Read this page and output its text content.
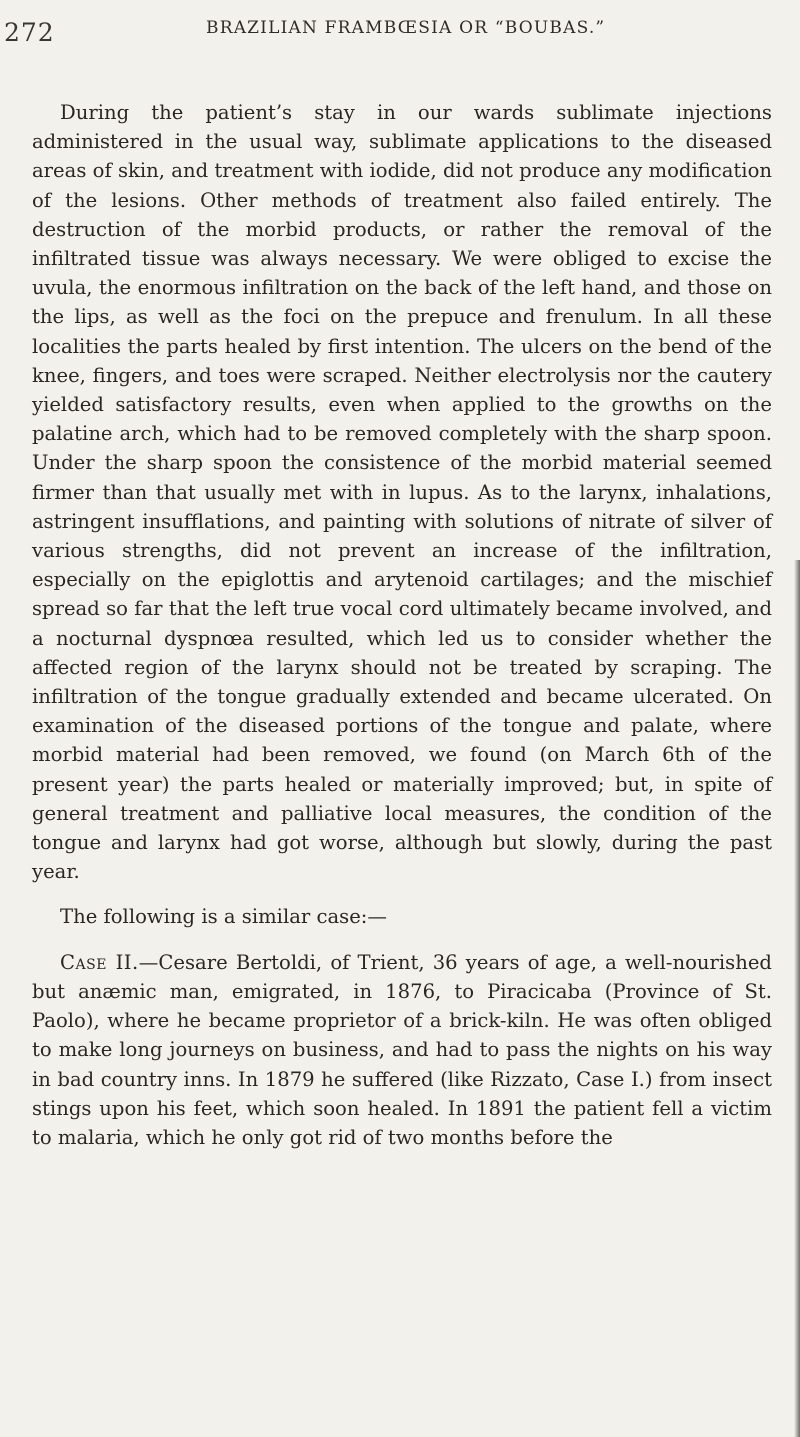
272	BRAZILIAN FRAMBŒSIA OR “BOUBAS.”

During the patient’s stay in our wards sublimate injections administered in the usual way, sublimate applications to the diseased areas of skin, and treatment with iodide, did not produce any modification of the lesions. Other methods of treatment also failed entirely. The destruction of the morbid products, or rather the removal of the infiltrated tissue was always necessary. We were obliged to excise the uvula, the enormous infiltration on the back of the left hand, and those on the lips, as well as the foci on the prepuce and frenulum. In all these localities the parts healed by first intention. The ulcers on the bend of the knee, fingers, and toes were scraped. Neither electrolysis nor the cautery yielded satisfactory results, even when applied to the growths on the palatine arch, which had to be removed completely with the sharp spoon. Under the sharp spoon the consistence of the morbid material seemed firmer than that usually met with in lupus. As to the larynx, inhalations, astringent insufflations, and painting with solutions of nitrate of silver of various strengths, did not prevent an increase of the infiltration, especially on the epiglottis and arytenoid cartilages; and the mischief spread so far that the left true vocal cord ultimately became involved, and a nocturnal dyspnœa resulted, which led us to consider whether the affected region of the larynx should not be treated by scraping. The infiltration of the tongue gradually extended and became ulcerated. On examination of the diseased portions of the tongue and palate, where morbid material had been removed, we found (on March 6th of the present year) the parts healed or materially improved; but, in spite of general treatment and palliative local measures, the condition of the tongue and larynx had got worse, although but slowly, during the past year.

The following is a similar case:—

Case II.—Cesare Bertoldi, of Trient, 36 years of age, a well-nourished but anæmic man, emigrated, in 1876, to Piracicaba (Province of St. Paolo), where he became proprietor of a brick-kiln. He was often obliged to make long journeys on business, and had to pass the nights on his way in bad country inns. In 1879 he suffered (like Rizzato, Case I.) from insect stings upon his feet, which soon healed. In 1891 the patient fell a victim to malaria, which he only got rid of two months before the
